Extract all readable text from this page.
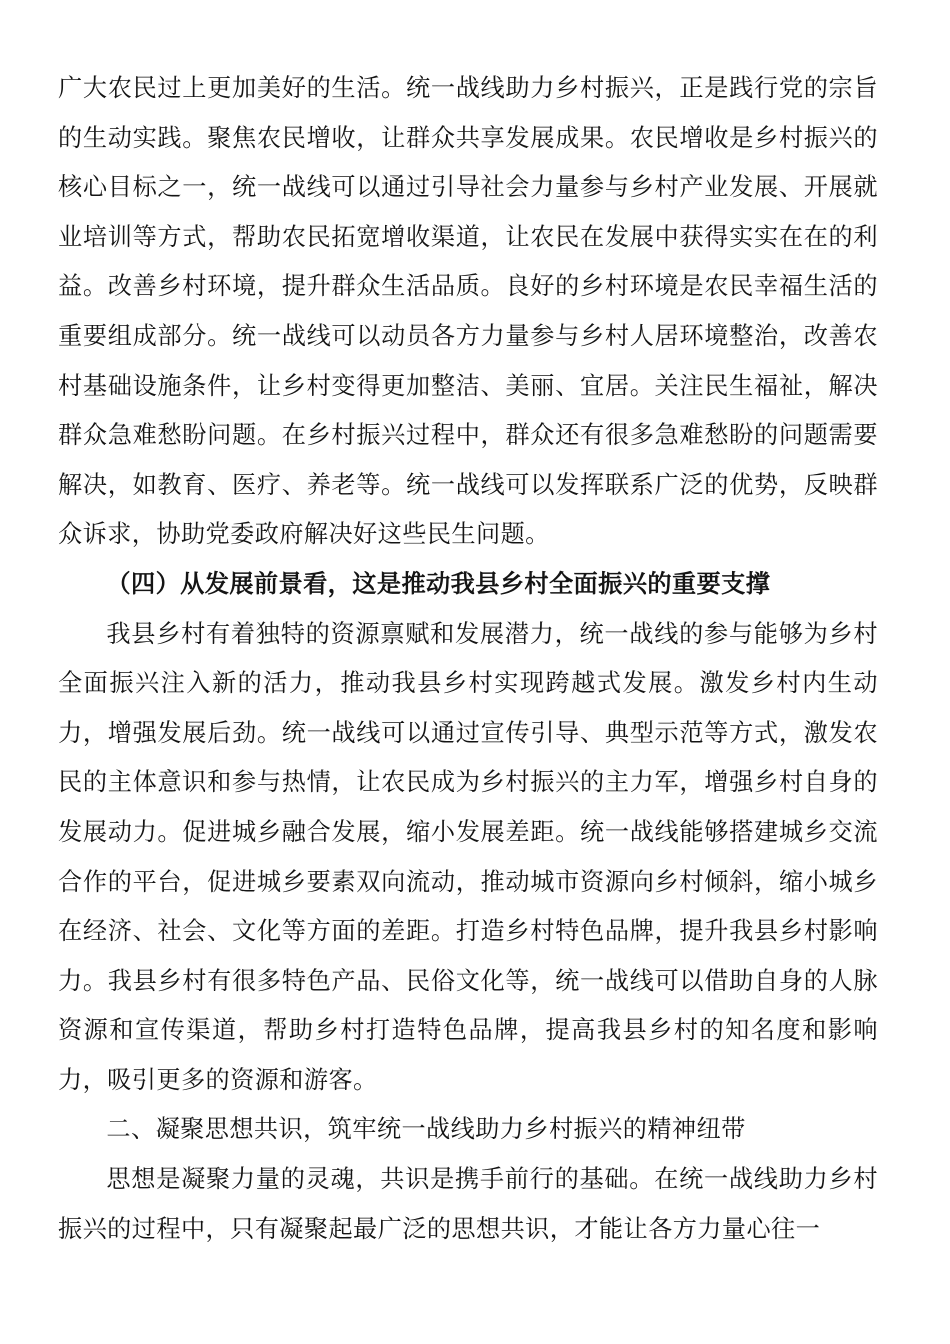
广大农民过上更加美好的生活。统一战线助力乡村振兴，正是践行党的宗旨的生动实践。聚焦农民增收，让群众共享发展成果。农民增收是乡村振兴的核心目标之一，统一战线可以通过引导社会力量参与乡村产业发展、开展就业培训等方式，帮助农民拓宽增收渠道，让农民在发展中获得实实在在的利益。改善乡村环境，提升群众生活品质。良好的乡村环境是农民幸福生活的重要组成部分。统一战线可以动员各方力量参与乡村人居环境整治，改善农村基础设施条件，让乡村变得更加整洁、美丽、宜居。关注民生福祉，解决群众急难愁盼问题。在乡村振兴过程中，群众还有很多急难愁盼的问题需要解决，如教育、医疗、养老等。统一战线可以发挥联系广泛的优势，反映群众诉求，协助党委政府解决好这些民生问题。

（四）从发展前景看，这是推动我县乡村全面振兴的重要支撑

我县乡村有着独特的资源禀赋和发展潜力，统一战线的参与能够为乡村全面振兴注入新的活力，推动我县乡村实现跨越式发展。激发乡村内生动力，增强发展后劲。统一战线可以通过宣传引导、典型示范等方式，激发农民的主体意识和参与热情，让农民成为乡村振兴的主力军，增强乡村自身的发展动力。促进城乡融合发展，缩小发展差距。统一战线能够搭建城乡交流合作的平台，促进城乡要素双向流动，推动城市资源向乡村倾斜，缩小城乡在经济、社会、文化等方面的差距。打造乡村特色品牌，提升我县乡村影响力。我县乡村有很多特色产品、民俗文化等，统一战线可以借助自身的人脉资源和宣传渠道，帮助乡村打造特色品牌，提高我县乡村的知名度和影响力，吸引更多的资源和游客。

二、凝聚思想共识，筑牢统一战线助力乡村振兴的精神纽带

思想是凝聚力量的灵魂，共识是携手前行的基础。在统一战线助力乡村振兴的过程中，只有凝聚起最广泛的思想共识，才能让各方力量心往一
